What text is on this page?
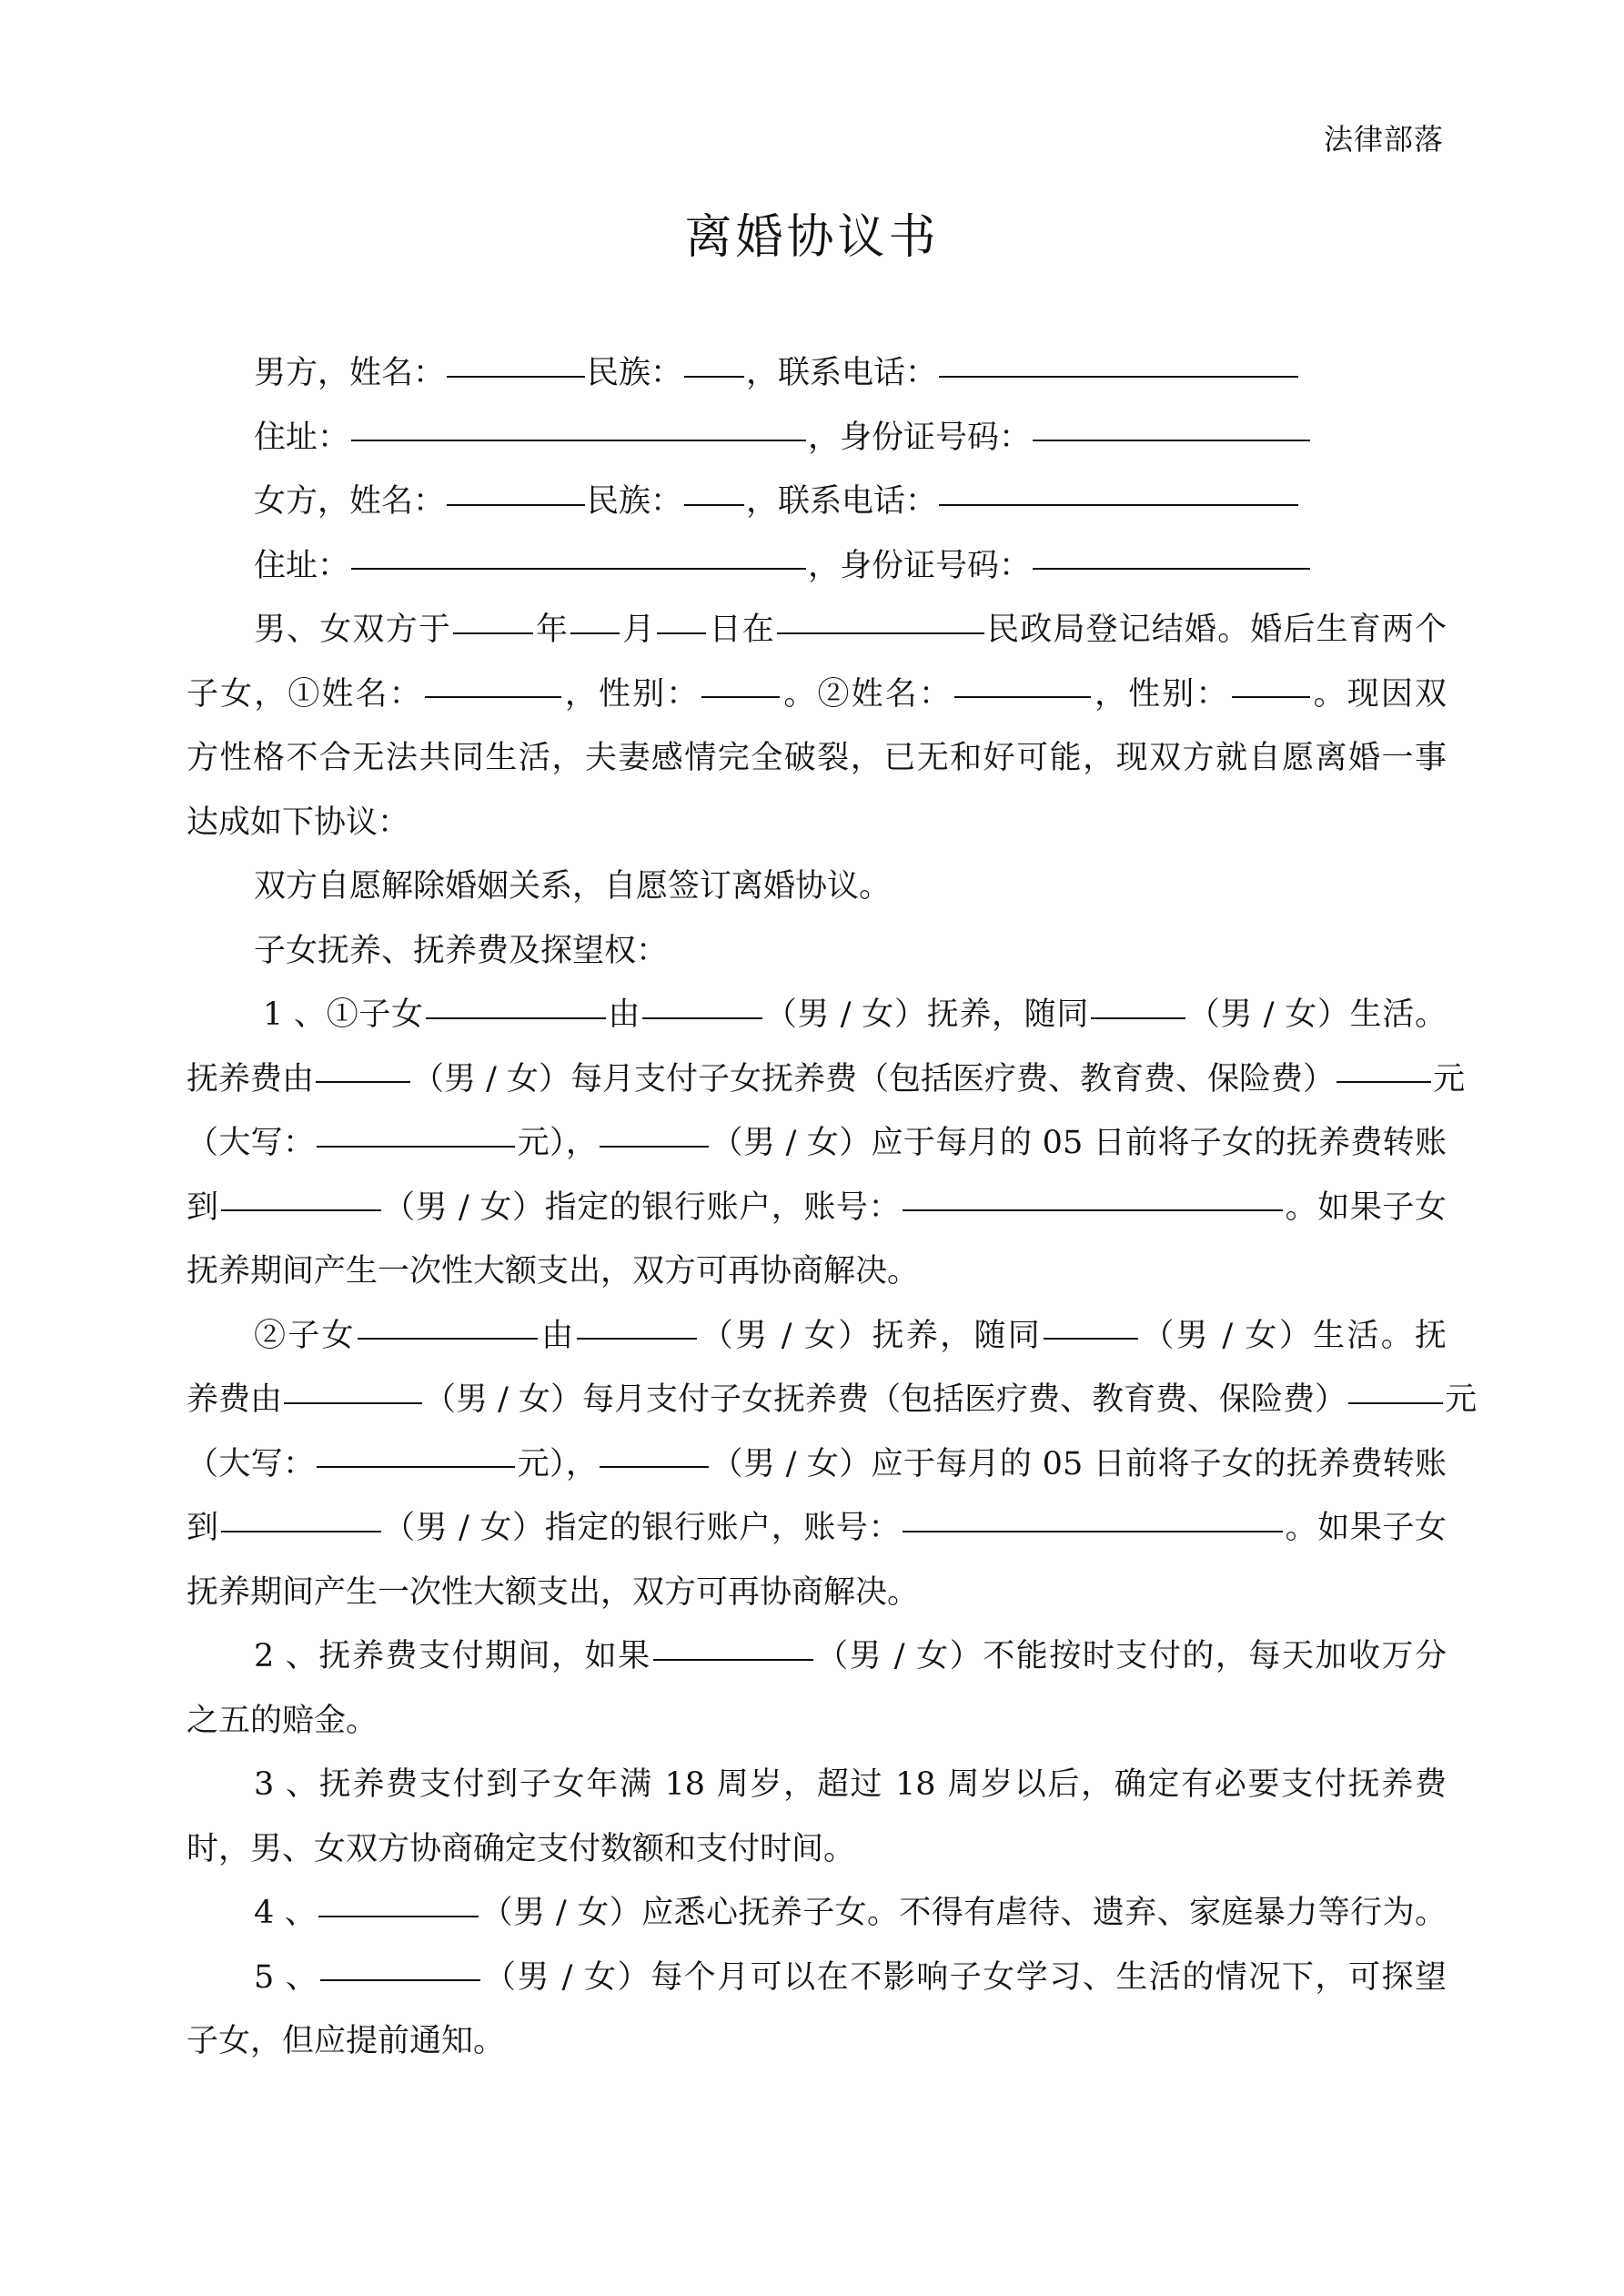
法律部落
离婚协议书
男方，姓名：	民族： ，联系电话：
住址：	，身份证号码：
女方，姓名：	民族： ，联系电话：
住址：	，身份证号码：
男、女双方于	年 月 日在	民政局登记结婚。婚后生育两个
子女，①姓名：	，性别：	。②姓名：	，性别：	。现因双
方性格不合无法共同生活，夫妻感情完全破裂，已无和好可能，现双方就自愿离婚一事
达成如下协议：
双方自愿解除婚姻关系，自愿签订离婚协议。
子女抚养、抚养费及探望权：
1 、①子女	由	（男 / 女）抚养，随同	（男 / 女）生活。
抚养费由	（男 / 女）每月支付子女抚养费（包括医疗费、教育费、保险费）	元
（大写：	元），	（男 / 女）应于每月的 05 日前将子女的抚养费转账
到	（男 / 女）指定的银行账户，账号：	。如果子女
抚养期间产生一次性大额支出，双方可再协商解决。
②子女	由	（男 / 女）抚养，随同	（男 / 女）生活。抚
养费由	（男 / 女）每月支付子女抚养费（包括医疗费、教育费、保险费）	元
（大写：	元），	（男 / 女）应于每月的 05 日前将子女的抚养费转账
到	（男 / 女）指定的银行账户，账号：	。如果子女
抚养期间产生一次性大额支出，双方可再协商解决。
2 、抚养费支付期间，如果	（男 / 女）不能按时支付的，每天加收万分
之五的赔金。
3 、抚养费支付到子女年满 18 周岁，超过 18 周岁以后，确定有必要支付抚养费
时，男、女双方协商确定支付数额和支付时间。
4 、	（男 / 女）应悉心抚养子女。不得有虐待、遗弃、家庭暴力等行为。
5 、	（男 / 女）每个月可以在不影响子女学习、生活的情况下，可探望
子女，但应提前通知。
